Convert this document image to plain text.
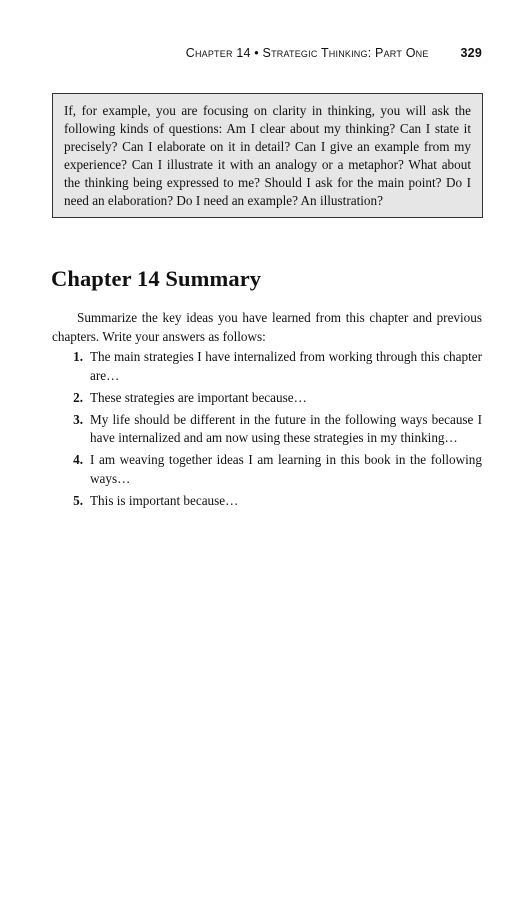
Chapter 14 • Strategic Thinking: Part One	329
If, for example, you are focusing on clarity in thinking, you will ask the following kinds of questions: Am I clear about my thinking? Can I state it precisely? Can I elaborate on it in detail? Can I give an example from my experience? Can I illustrate it with an analogy or a metaphor? What about the thinking being expressed to me? Should I ask for the main point? Do I need an elaboration? Do I need an example? An illustration?
Chapter 14 Summary

Summarize the key ideas you have learned from this chapter and previous chapters. Write your answers as follows:

1. The main strategies I have internalized from working through this chapter are…
2. These strategies are important because…
3. My life should be different in the future in the following ways because I have internalized and am now using these strategies in my thinking…
4. I am weaving together ideas I am learning in this book in the following ways…
5. This is important because…
